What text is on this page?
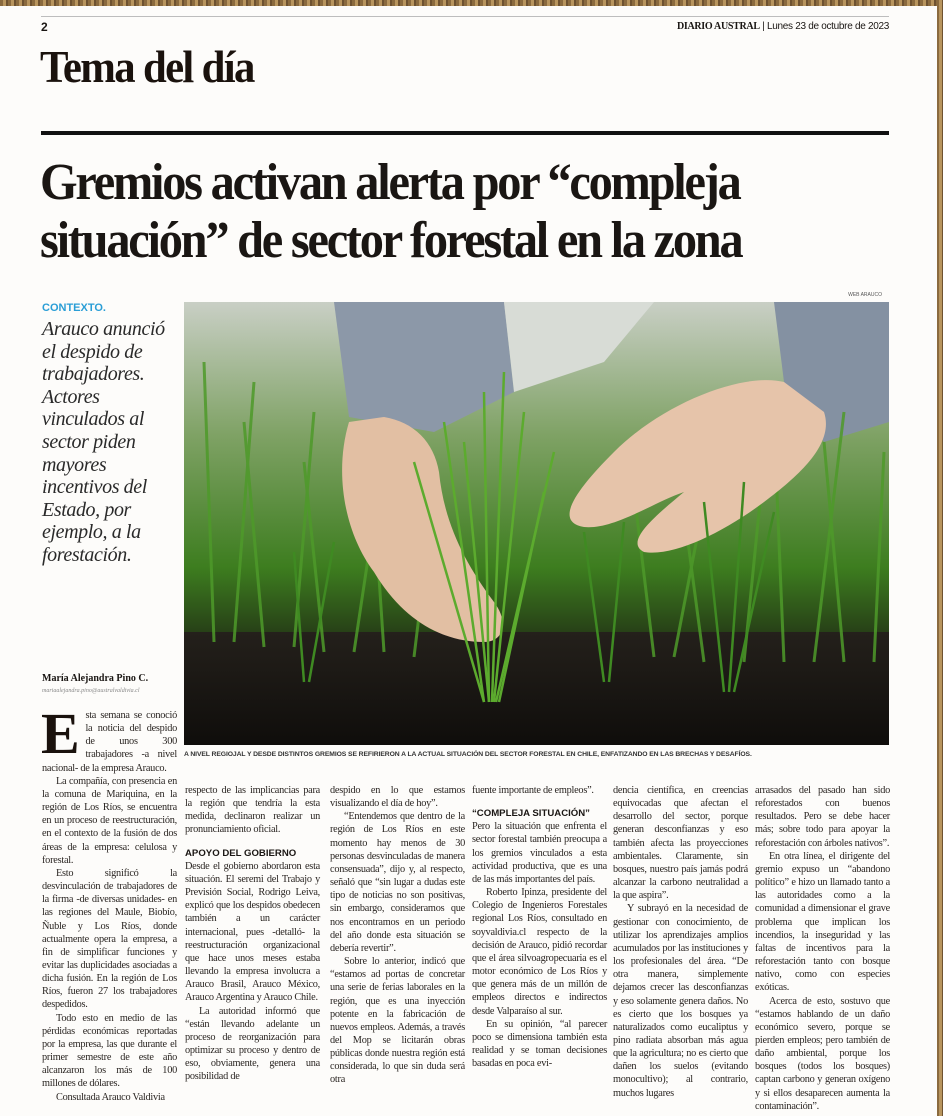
2	DIARIO AUSTRAL | Lunes 23 de octubre de 2023
Tema del día
Gremios activan alerta por “compleja situación” de sector forestal en la zona
CONTEXTO.
Arauco anunció el despido de trabajadores. Actores vinculados al sector piden mayores incentivos del Estado, por ejemplo, a la forestación.
WEB ARAUCO
A NIVEL REGIOJAL Y DESDE DISTINTOS GREMIOS SE REFIRIERON A LA ACTUAL SITUACIÓN DEL SECTOR FORESTAL EN CHILE, ENFATIZANDO EN LAS BRECHAS Y DESAFÍOS.
María Alejandra Pino C.
mariaalejandra.pino@australvaldivia.cl

Esta semana se conoció la noticia del despido de unos 300 trabajadores -a nivel nacional- de la empresa Arauco.

La compañía, con presencia en la comuna de Mariquina, en la región de Los Ríos, se encuentra en un proceso de reestructuración, en el contexto de la fusión de dos áreas de la empresa: celulosa y forestal.

Esto significó la desvinculación de trabajadores de la firma -de diversas unidades- en las regiones del Maule, Biobío, Ñuble y Los Ríos, donde actualmente opera la empresa, a fin de simplificar funciones y evitar las duplicidades asociadas a dicha fusión. En la región de Los Ríos, fueron 27 los trabajadores despedidos.

Todo esto en medio de las pérdidas económicas reportadas por la empresa, las que durante el primer semestre de este año alcanzaron los más de 100 millones de dólares.

Consultada Arauco Valdivia

respecto de las implicancias para la región que tendría la esta medida, declinaron realizar un pronunciamiento oficial.

APOYO DEL GOBIERNO

Desde el gobierno abordaron esta situación. El seremi del Trabajo y Previsión Social, Rodrigo Leiva, explicó que los despidos obedecen también a un carácter internacional, pues -detalló- la reestructuración organizacional que hace unos meses estaba llevando la empresa involucra a Arauco Brasil, Arauco México, Arauco Argentina y Arauco Chile.

La autoridad informó que “están llevando adelante un proceso de reorganización para optimizar su proceso y dentro de eso, obviamente, genera una posibilidad de

despido en lo que estamos visualizando el día de hoy”.

“Entendemos que dentro de la región de Los Ríos en este momento hay menos de 30 personas desvinculadas de manera consensuada”, dijo y, al respecto, señaló que “sin lugar a dudas este tipo de noticias no son positivas, sin embargo, consideramos que nos encontramos en un periodo del año donde esta situación se debería revertir”.

Sobre lo anterior, indicó que “estamos ad portas de concretar una serie de ferias laborales en la región, que es una inyección potente en la fabricación de nuevos empleos. Además, a través del Mop se licitarán obras públicas donde nuestra región está considerada, lo que sin duda será otra

fuente importante de empleos”.

“COMPLEJA SITUACIÓN”

Pero la situación que enfrenta el sector forestal también preocupa a los gremios vinculados a esta actividad productiva, que es una de las más importantes del país.

Roberto Ipinza, presidente del Colegio de Ingenieros Forestales regional Los Ríos, consultado en soyvaldivia.cl respecto de la decisión de Arauco, pidió recordar que el área silvoagropecuaria es el motor económico de Los Ríos y que genera más de un millón de empleos directos e indirectos desde Valparaíso al sur.

En su opinión, “al parecer poco se dimensiona también esta realidad y se toman decisiones basadas en poca evi-

dencia científica, en creencias equivocadas que afectan el desarrollo del sector, porque generan desconfianzas y eso también afecta las proyecciones ambientales. Claramente, sin bosques, nuestro país jamás podrá alcanzar la carbono neutralidad a la que aspira”.

Y subrayó en la necesidad de gestionar con conocimiento, de utilizar los aprendizajes amplios acumulados por las instituciones y los profesionales del área. “De otra manera, simplemente dejamos crecer las desconfianzas y eso solamente genera daños. No es cierto que los bosques ya naturalizados como eucaliptus y pino radiata absorban más agua que la agricultura; no es cierto que dañen los suelos (evitando monocultivo); al contrario, muchos lugares

arrasados del pasado han sido reforestados con buenos resultados. Pero se debe hacer más; sobre todo para apoyar la reforestación con árboles nativos”.

En otra línea, el dirigente del gremio expuso un “abandono político” e hizo un llamado tanto a las autoridades como a la comunidad a dimensionar el grave problema que implican los incendios, la inseguridad y las faltas de incentivos para la reforestación tanto con bosque nativo, como con especies exóticas.

Acerca de esto, sostuvo que “estamos hablando de un daño económico severo, porque se pierden empleos; pero también de daño ambiental, porque los bosques (todos los bosques) captan carbono y generan oxígeno y si ellos desaparecen aumenta la contaminación”.
